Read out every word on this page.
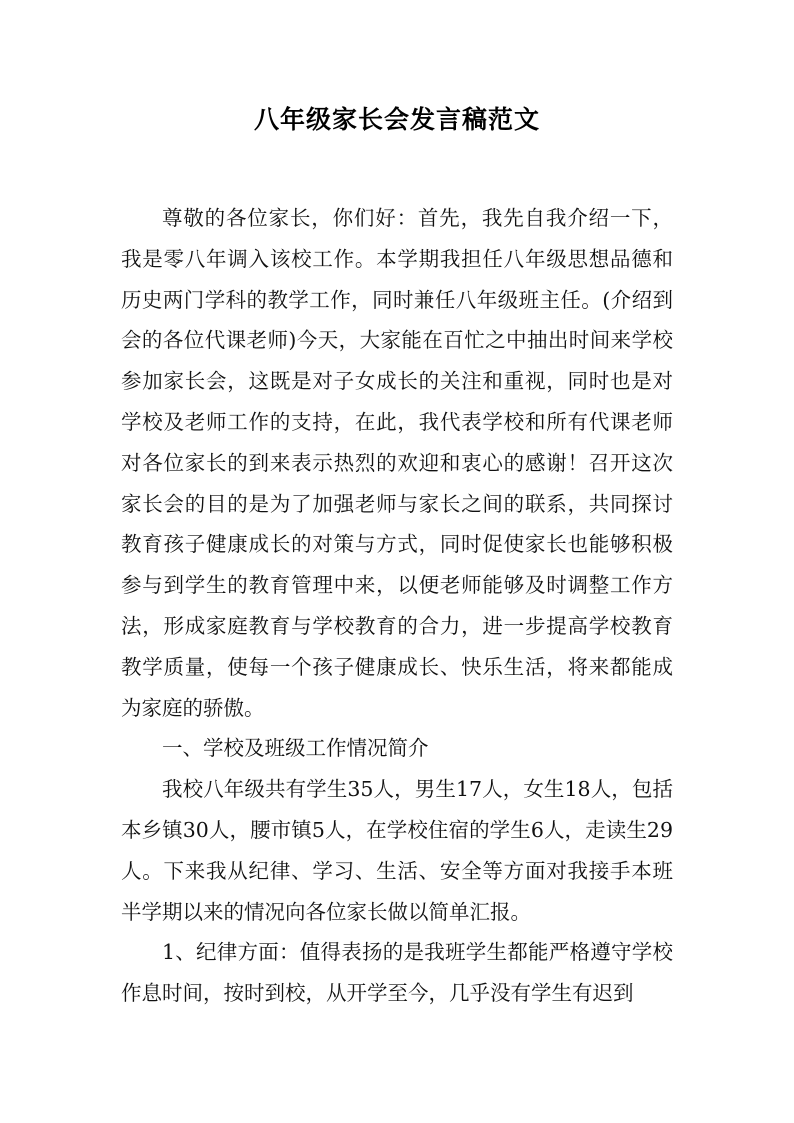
八年级家长会发言稿范文

尊敬的各位家长，你们好：首先，我先自我介绍一下，我是零八年调入该校工作。本学期我担任八年级思想品德和历史两门学科的教学工作，同时兼任八年级班主任。(介绍到会的各位代课老师)今天，大家能在百忙之中抽出时间来学校参加家长会，这既是对子女成长的关注和重视，同时也是对学校及老师工作的支持，在此，我代表学校和所有代课老师对各位家长的到来表示热烈的欢迎和衷心的感谢！召开这次家长会的目的是为了加强老师与家长之间的联系，共同探讨教育孩子健康成长的对策与方式，同时促使家长也能够积极参与到学生的教育管理中来，以便老师能够及时调整工作方法，形成家庭教育与学校教育的合力，进一步提高学校教育教学质量，使每一个孩子健康成长、快乐生活，将来都能成为家庭的骄傲。

一、学校及班级工作情况简介

我校八年级共有学生35人，男生17人，女生18人，包括本乡镇30人，腰市镇5人，在学校住宿的学生6人，走读生29人。下来我从纪律、学习、生活、安全等方面对我接手本班半学期以来的情况向各位家长做以简单汇报。

1、纪律方面：值得表扬的是我班学生都能严格遵守学校作息时间，按时到校，从开学至今，几乎没有学生有迟到
